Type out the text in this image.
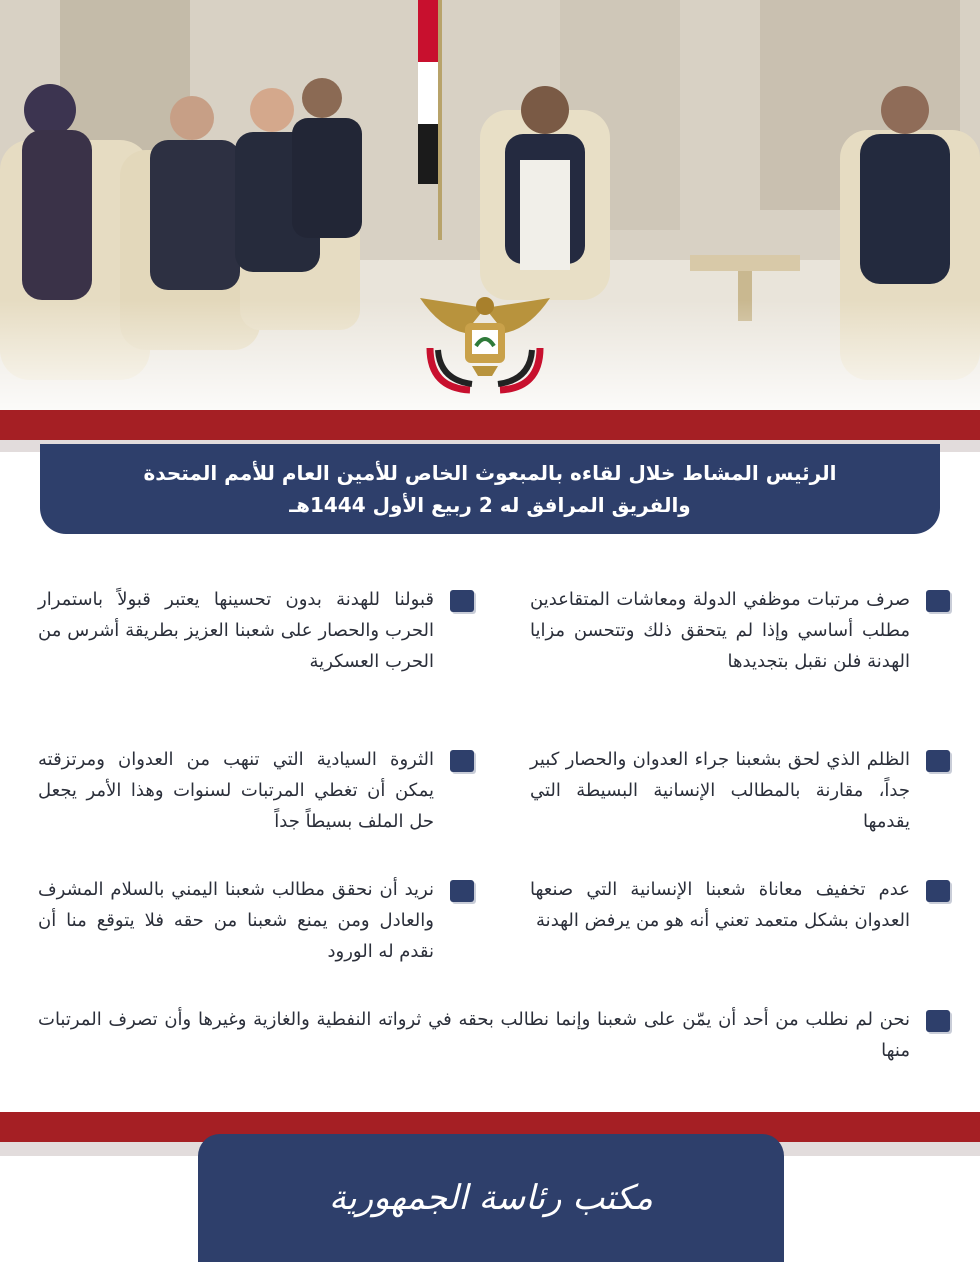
الرئيس المشاط خلال لقاءه بالمبعوث الخاص للأمين العام للأمم المتحدة
والفريق المرافق له 2 ربيع الأول 1444هـ
صرف مرتبات موظفي الدولة ومعاشات المتقاعدين مطلب أساسي وإذا لم يتحقق ذلك وتتحسن مزايا الهدنة فلن نقبل بتجديدها
الظلم الذي لحق بشعبنا جراء العدوان والحصار كبير جداً، مقارنة بالمطالب الإنسانية البسيطة التي يقدمها
عدم تخفيف معاناة شعبنا الإنسانية التي صنعها العدوان بشكل متعمد تعني أنه هو من يرفض الهدنة
قبولنا للهدنة بدون تحسينها يعتبر قبولاً باستمرار الحرب والحصار على شعبنا العزيز بطريقة أشرس من الحرب العسكرية
الثروة السيادية التي تنهب من العدوان ومرتزقته يمكن أن تغطي المرتبات لسنوات وهذا الأمر يجعل حل الملف بسيطاً جداً
نريد أن نحقق مطالب شعبنا اليمني بالسلام المشرف والعادل ومن يمنع شعبنا من حقه فلا يتوقع منا أن نقدم له الورود
نحن لم نطلب من أحد أن يمّن على شعبنا وإنما نطالب بحقه في ثرواته النفطية والغازية وغيرها وأن تصرف المرتبات منها
مكتب رئاسة الجمهورية
